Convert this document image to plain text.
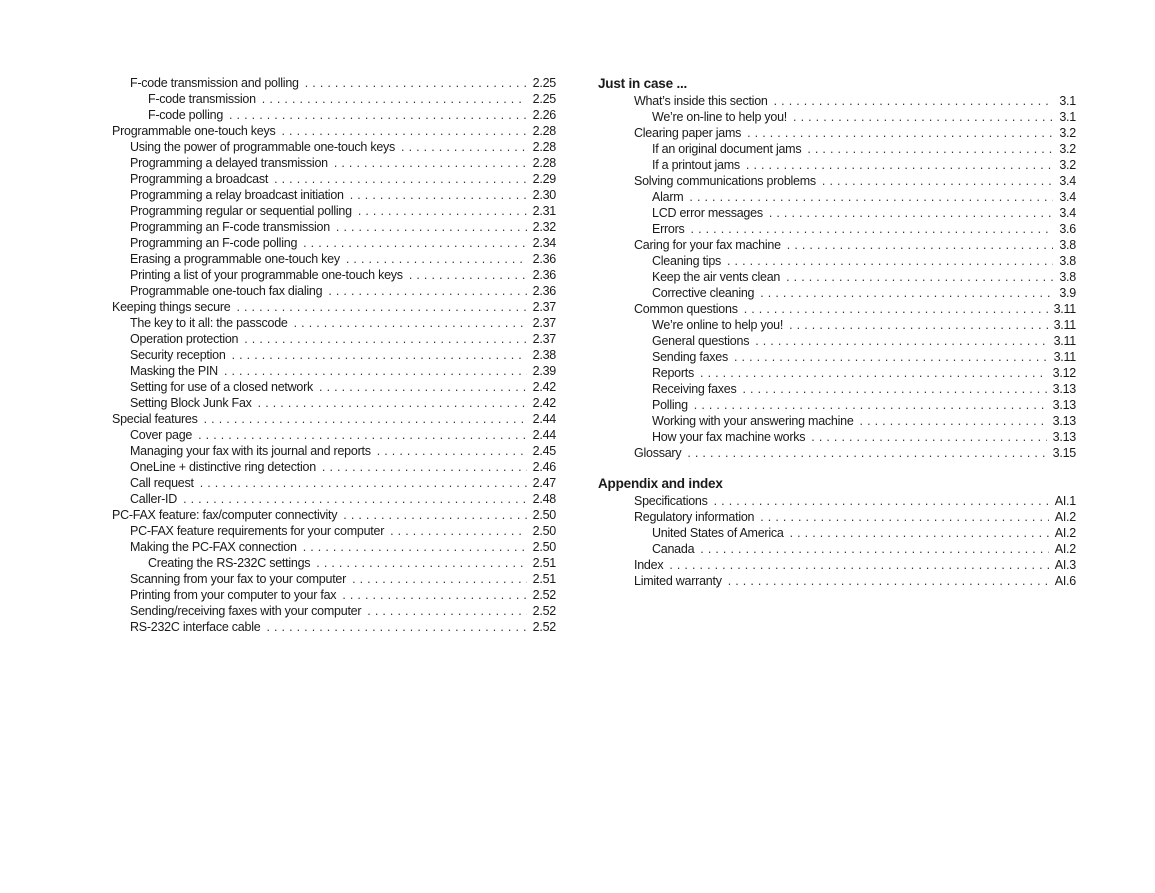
F-code transmission and polling . . .	2.25
F-code transmission . . .	2.25
F-code polling . . .	2.26
Programmable one-touch keys . . .	2.28
Using the power of programmable one-touch keys . . .	2.28
Programming a delayed transmission . . .	2.28
Programming a broadcast . . .	2.29
Programming a relay broadcast initiation . . .	2.30
Programming regular or sequential polling . . .	2.31
Programming an F-code transmission . . .	2.32
Programming an F-code polling . . .	2.34
Erasing a programmable one-touch key . . .	2.36
Printing a list of your programmable one-touch keys . . .	2.36
Programmable one-touch fax dialing . . .	2.36
Keeping things secure . . .	2.37
The key to it all: the passcode . . .	2.37
Operation protection . . .	2.37
Security reception . . .	2.38
Masking the PIN . . .	2.39
Setting for use of a closed network . . .	2.42
Setting Block Junk Fax . . .	2.42
Special features . . .	2.44
Cover page . . .	2.44
Managing your fax with its journal and reports . . .	2.45
OneLine + distinctive ring detection . . .	2.46
Call request . . .	2.47
Caller-ID . . .	2.48
PC-FAX feature: fax/computer connectivity . . .	2.50
PC-FAX feature requirements for your computer . . .	2.50
Making the PC-FAX connection . . .	2.50
Creating the RS-232C settings . . .	2.51
Scanning from your fax to your computer . . .	2.51
Printing from your computer to your fax . . .	2.52
Sending/receiving faxes with your computer . . .	2.52
RS-232C interface cable . . .	2.52
Just in case ...
What’s inside this section . . .	3.1
We’re on-line to help you! . . .	3.1
Clearing paper jams . . .	3.2
If an original document jams . . .	3.2
If a printout jams . . .	3.2
Solving communications problems . . .	3.4
Alarm . . .	3.4
LCD error messages . . .	3.4
Errors . . .	3.6
Caring for your fax machine . . .	3.8
Cleaning tips . . .	3.8
Keep the air vents clean . . .	3.8
Corrective cleaning . . .	3.9
Common questions . . .	3.11
We’re online to help you! . . .	3.11
General questions . . .	3.11
Sending faxes . . .	3.11
Reports . . .	3.12
Receiving faxes . . .	3.13
Polling . . .	3.13
Working with your answering machine . . .	3.13
How your fax machine works . . .	3.13
Glossary . . .	3.15
Appendix and index
Specifications . . .	AI.1
Regulatory information . . .	AI.2
United States of America . . .	AI.2
Canada . . .	AI.2
Index . . .	AI.3
Limited warranty . . .	AI.6
